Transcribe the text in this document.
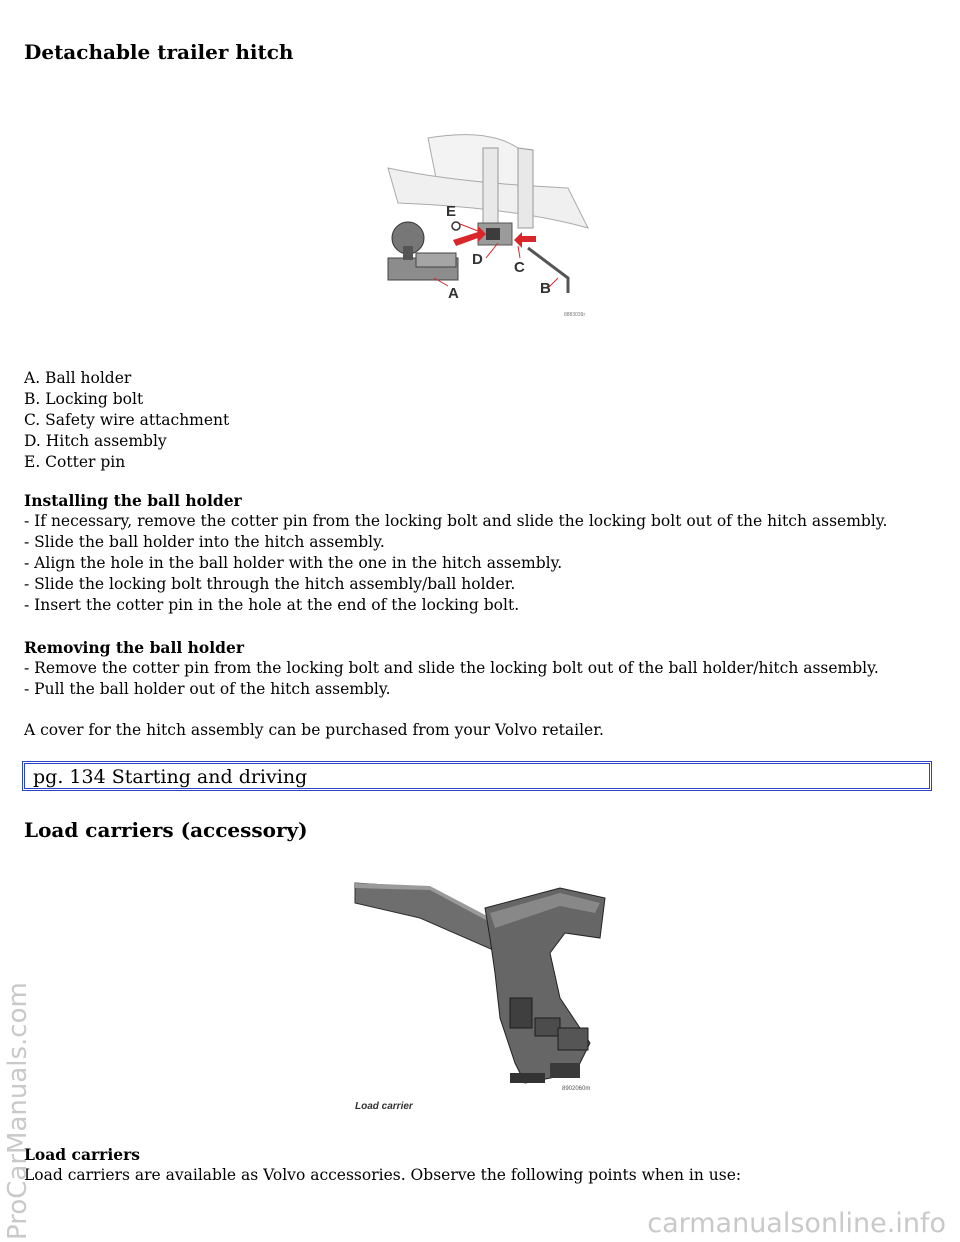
Detachable trailer hitch
A	B
C
D
E
8883039r
A. Ball holder
B. Locking bolt
C. Safety wire attachment
D. Hitch assembly
E. Cotter pin
Installing the ball holder
- If necessary, remove the cotter pin from the locking bolt and slide the locking bolt out of the hitch assembly.
- Slide the ball holder into the hitch assembly.
- Align the hole in the ball holder with the one in the hitch assembly.
- Slide the locking bolt through the hitch assembly/ball holder.
- Insert the cotter pin in the hole at the end of the locking bolt.
Removing the ball holder
- Remove the cotter pin from the locking bolt and slide the locking bolt out of the ball holder/hitch assembly.
- Pull the ball holder out of the hitch assembly.
A cover for the hitch assembly can be purchased from your Volvo retailer.
pg. 134 Starting and driving
Load carriers (accessory)
8902060m
Load carrier
Load carriers
Load carriers are available as Volvo accessories. Observe the following points when in use:
ProCarManuals.com	carmanualsonline.info
